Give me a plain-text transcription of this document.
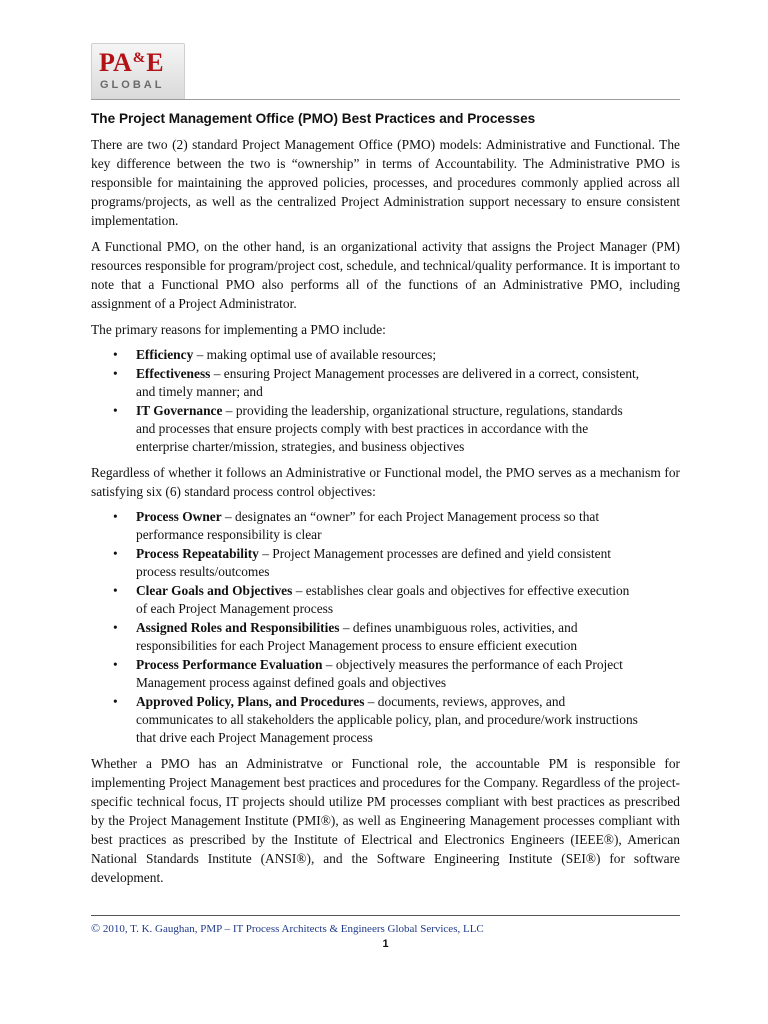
PA&E
GLOBAL
The Project Management Office (PMO) Best Practices and Processes

There are two (2) standard Project Management Office (PMO) models: Administrative and Functional. The key difference between the two is “ownership” in terms of Accountability. The Administrative PMO is responsible for maintaining the approved policies, processes, and procedures commonly applied across all programs/projects, as well as the centralized Project Administration support necessary to ensure consistent implementation.

A Functional PMO, on the other hand, is an organizational activity that assigns the Project Manager (PM) resources responsible for program/project cost, schedule, and technical/quality performance. It is important to note that a Functional PMO also performs all of the functions of an Administrative PMO, including assignment of a Project Administrator.

The primary reasons for implementing a PMO include:

• Efficiency – making optimal use of available resources;
• Effectiveness – ensuring Project Management processes are delivered in a correct, consistent, and timely manner; and
• IT Governance – providing the leadership, organizational structure, regulations, standards and processes that ensure projects comply with best practices in accordance with the enterprise charter/mission, strategies, and business objectives

Regardless of whether it follows an Administrative or Functional model, the PMO serves as a mechanism for satisfying six (6) standard process control objectives:

• Process Owner – designates an “owner” for each Project Management process so that performance responsibility is clear
• Process Repeatability – Project Management processes are defined and yield consistent process results/outcomes
• Clear Goals and Objectives – establishes clear goals and objectives for effective execution of each Project Management process
• Assigned Roles and Responsibilities – defines unambiguous roles, activities, and responsibilities for each Project Management process to ensure efficient execution
• Process Performance Evaluation – objectively measures the performance of each Project Management process against defined goals and objectives
• Approved Policy, Plans, and Procedures – documents, reviews, approves, and communicates to all stakeholders the applicable policy, plan, and procedure/work instructions that drive each Project Management process

Whether a PMO has an Administratve or Functional role, the accountable PM is responsible for implementing Project Management best practices and procedures for the Company. Regardless of the project-specific technical focus, IT projects should utilize PM processes compliant with best practices as prescribed by the Project Management Institute (PMI®), as well as Engineering Management processes compliant with best practices as prescribed by the Institute of Electrical and Electronics Engineers (IEEE®), American National Standards Institute (ANSI®), and the Software Engineering Institute (SEI®) for software development.

© 2010, T. K. Gaughan, PMP – IT Process Architects & Engineers Global Services, LLC
1
